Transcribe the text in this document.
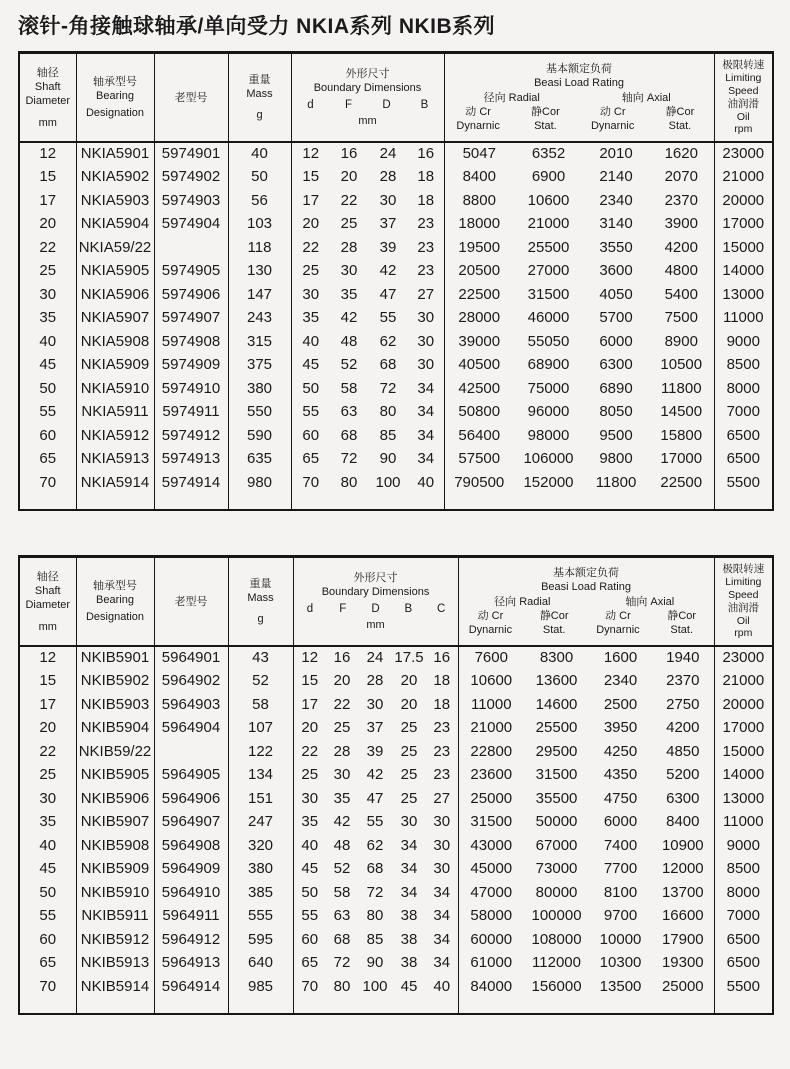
滚针-角接触球轴承/单向受力 NKIA系列 NKIB系列
轴径
Shaft
Diameter
mm

轴承型号
Bearing
Designation

老型号

重量
Mass
g

外形尺寸
Boundary Dimensions
d	F	D	B
mm

基本额定负荷
Beasi Load Rating
径向 Radial	轴向 Axial
动 Cr
Dynarnic
静Cor
Stat.
动 Cr
Dynarnic
静Cor
Stat.

极限转速
Limiting
Speed
油润滑
Oil
rpm

12	NKIA5901	5974901	40	12	16	24	16	5047	6352	2010	1620	23000
15	NKIA5902	5974902	50	15	20	28	18	8400	6900	2140	2070	21000
17	NKIA5903	5974903	56	17	22	30	18	8800	10600	2340	2370	20000
20	NKIA5904	5974904	103	20	25	37	23	18000	21000	3140	3900	17000
22	NKIA59/22		118	22	28	39	23	19500	25500	3550	4200	15000
25	NKIA5905	5974905	130	25	30	42	23	20500	27000	3600	4800	14000
30	NKIA5906	5974906	147	30	35	47	27	22500	31500	4050	5400	13000
35	NKIA5907	5974907	243	35	42	55	30	28000	46000	5700	7500	11000
40	NKIA5908	5974908	315	40	48	62	30	39000	55050	6000	8900	9000
45	NKIA5909	5974909	375	45	52	68	30	40500	68900	6300	10500	8500
50	NKIA5910	5974910	380	50	58	72	34	42500	75000	6890	11800	8000
55	NKIA5911	5974911	550	55	63	80	34	50800	96000	8050	14500	7000
60	NKIA5912	5974912	590	60	68	85	34	56400	98000	9500	15800	6500
65	NKIA5913	5974913	635	65	72	90	34	57500	106000	9800	17000	6500
70	NKIA5914	5974914	980	70	80	100	40	790500	152000	11800	22500	5500

轴径
Shaft
Diameter
mm

轴承型号
Bearing
Designation

老型号

重量
Mass
g

外形尺寸
Boundary Dimensions
d	F	D	B	C
mm

基本额定负荷
Beasi Load Rating
径向 Radial	轴向 Axial
动 Cr
Dynarnic
静Cor
Stat.
动 Cr
Dynarnic
静Cor
Stat.

极限转速
Limiting
Speed
油润滑
Oil
rpm

12	NKIB5901	5964901	43	12	16	24	17.5	16	7600	8300	1600	1940	23000
15	NKIB5902	5964902	52	15	20	28	20	18	10600	13600	2340	2370	21000
17	NKIB5903	5964903	58	17	22	30	20	18	11000	14600	2500	2750	20000
20	NKIB5904	5964904	107	20	25	37	25	23	21000	25500	3950	4200	17000
22	NKIB59/22		122	22	28	39	25	23	22800	29500	4250	4850	15000
25	NKIB5905	5964905	134	25	30	42	25	23	23600	31500	4350	5200	14000
30	NKIB5906	5964906	151	30	35	47	25	27	25000	35500	4750	6300	13000
35	NKIB5907	5964907	247	35	42	55	30	30	31500	50000	6000	8400	11000
40	NKIB5908	5964908	320	40	48	62	34	30	43000	67000	7400	10900	9000
45	NKIB5909	5964909	380	45	52	68	34	30	45000	73000	7700	12000	8500
50	NKIB5910	5964910	385	50	58	72	34	34	47000	80000	8100	13700	8000
55	NKIB5911	5964911	555	55	63	80	38	34	58000	100000	9700	16600	7000
60	NKIB5912	5964912	595	60	68	85	38	34	60000	108000	10000	17900	6500
65	NKIB5913	5964913	640	65	72	90	38	34	61000	112000	10300	19300	6500
70	NKIB5914	5964914	985	70	80	100	45	40	84000	156000	13500	25000	5500
